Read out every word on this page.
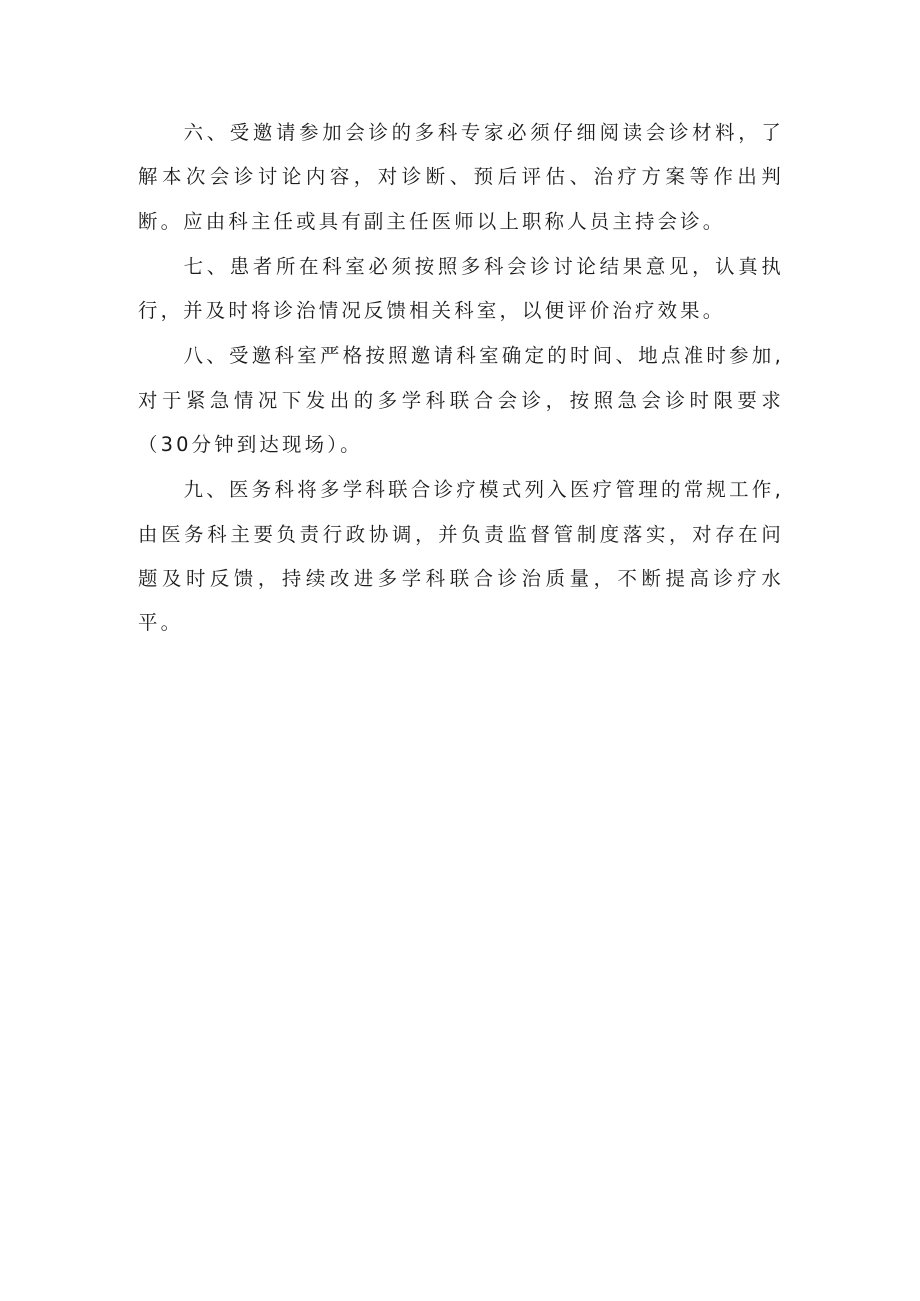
六、受邀请参加会诊的多科专家必须仔细阅读会诊材料，了解本次会诊讨论内容，对诊断、预后评估、治疗方案等作出判断。应由科主任或具有副主任医师以上职称人员主持会诊。

七、患者所在科室必须按照多科会诊讨论结果意见，认真执行，并及时将诊治情况反馈相关科室，以便评价治疗效果。

八、受邀科室严格按照邀请科室确定的时间、地点准时参加,对于紧急情况下发出的多学科联合会诊，按照急会诊时限要求（30分钟到达现场）。

九、医务科将多学科联合诊疗模式列入医疗管理的常规工作,由医务科主要负责行政协调，并负责监督管制度落实，对存在问题及时反馈，持续改进多学科联合诊治质量，不断提高诊疗水平。
